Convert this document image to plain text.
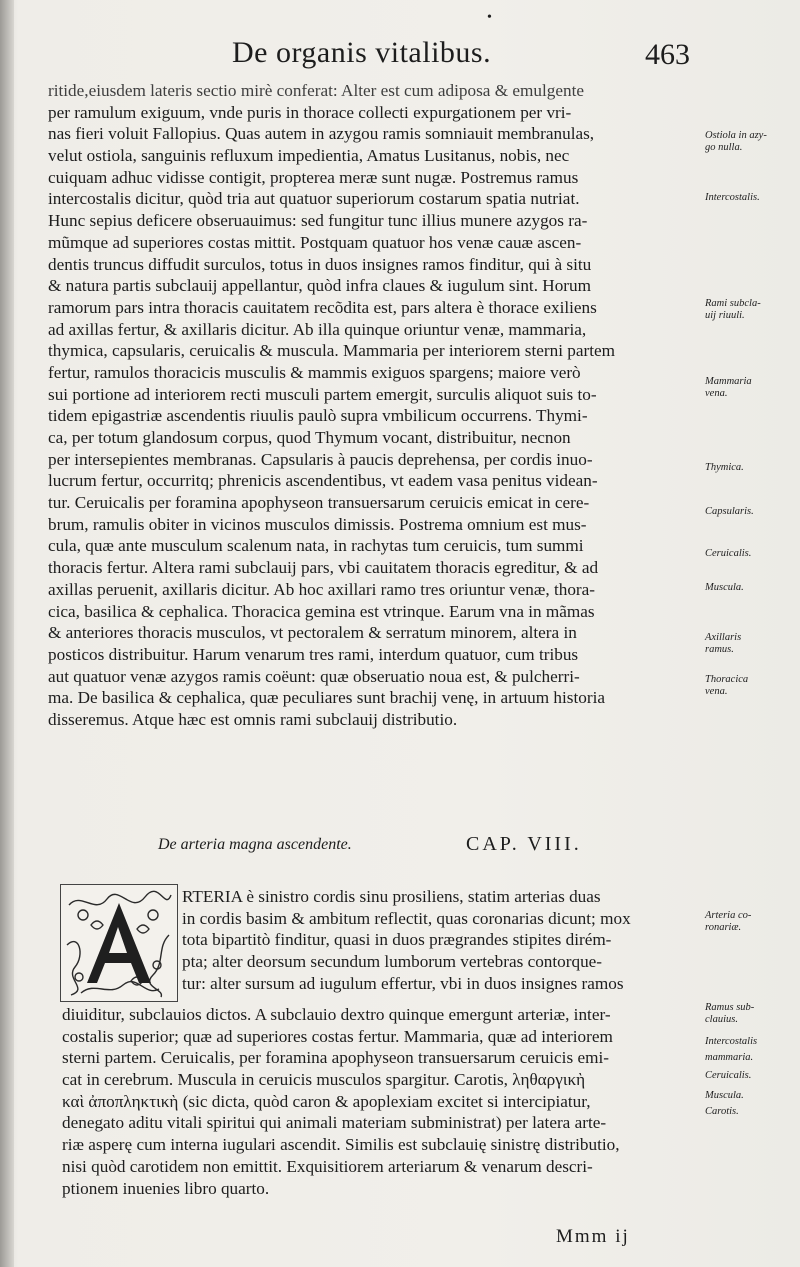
•
De organis vitalibus.	463
ritide,eiusdem lateris sectio mirè conferat: Alter est cum adiposa & emulgente
per ramulum exiguum, vnde puris in thorace collecti expurgationem per vri-
nas fieri voluit Fallopius. Quas autem in azygou ramis somniauit membranulas,
velut ostiola, sanguinis refluxum impedientia, Amatus Lusitanus, nobis, nec
cuiquam adhuc vidisse contigit, propterea meræ sunt nugæ. Postremus ramus
intercostalis dicitur, quòd tria aut quatuor superiorum costarum spatia nutriat.
Hunc sepius deficere obseruauimus: sed fungitur tunc illius munere azygos ra-
mũmque ad superiores costas mittit. Postquam quatuor hos venæ cauæ ascen-
dentis truncus diffudit surculos, totus in duos insignes ramos finditur, qui à situ
& natura partis subclauij appellantur, quòd infra claues & iugulum sint. Horum
ramorum pars intra thoracis cauitatem recõdita est, pars altera è thorace exiliens
ad axillas fertur, & axillaris dicitur. Ab illa quinque oriuntur venæ, mammaria,
thymica, capsularis, ceruicalis & muscula. Mammaria per interiorem sterni partem
fertur, ramulos thoracicis musculis & mammis exiguos spargens; maiore verò
sui portione ad interiorem recti musculi partem emergit, surculis aliquot suis to-
tidem epigastriæ ascendentis riuulis paulò supra vmbilicum occurrens. Thymi-
ca, per totum glandosum corpus, quod Thymum vocant, distribuitur, necnon
per intersepientes membranas. Capsularis à paucis deprehensa, per cordis inuo-
lucrum fertur, occurritq; phrenicis ascendentibus, vt eadem vasa penitus videan-
tur. Ceruicalis per foramina apophyseon transuersarum ceruicis emicat in cere-
brum, ramulis obiter in vicinos musculos dimissis. Postrema omnium est mus-
cula, quæ ante musculum scalenum nata, in rachytas tum ceruicis, tum summi
thoracis fertur. Altera rami subclauij pars, vbi cauitatem thoracis egreditur, & ad
axillas peruenit, axillaris dicitur. Ab hoc axillari ramo tres oriuntur venæ, thora-
cica, basilica & cephalica. Thoracica gemina est vtrinque. Earum vna in mãmas
& anteriores thoracis musculos, vt pectoralem & serratum minorem, altera in
posticos distribuitur. Harum venarum tres rami, interdum quatuor, cum tribus
aut quatuor venæ azygos ramis coëunt: quæ obseruatio noua est, & pulcherri-
ma. De basilica & cephalica, quæ peculiares sunt brachij venę, in artuum historia
disseremus. Atque hæc est omnis rami subclauij distributio.
De arteria magna ascendente.	CAP. VIII.
RTERIA è sinistro cordis sinu prosiliens, statim arterias duas
in cordis basim & ambitum reflectit, quas coronarias dicunt; mox
tota bipartitò finditur, quasi in duos prægrandes stipites dirém-
pta; alter deorsum secundum lumborum vertebras contorque-
tur: alter sursum ad iugulum effertur, vbi in duos insignes ramos
diuiditur, subclauios dictos. A subclauio dextro quinque emergunt arteriæ, inter-
costalis superior; quæ ad superiores costas fertur. Mammaria, quæ ad interiorem
sterni partem. Ceruicalis, per foramina apophyseon transuersarum ceruicis emi-
cat in cerebrum. Muscula in ceruicis musculos spargitur. Carotis, ληθαργικὴ
καὶ ἀποπληκτικὴ (sic dicta, quòd caron & apoplexiam excitet si intercipiatur,
denegato aditu vitali spiritui qui animali materiam subministrat) per latera arte-
riæ asperę cum interna iugulari ascendit. Similis est subclauię sinistrę distributio,
nisi quòd carotidem non emittit. Exquisitiorem arteriarum & venarum descri-
ptionem inuenies libro quarto.
Ostiola in azy-
go nulla.
Intercostalis.
Rami subcla-
uij riuuli.
Mammaria
vena.
Thymica.
Capsularis.
Ceruicalis.
Muscula.
Axillaris
ramus.
Thoracica
vena.
Arteria co-
ronariæ.
Ramus sub-
clauius.
Intercostalis
mammaria.
Ceruicalis.
Muscula.
Carotis.
Mmm ij
